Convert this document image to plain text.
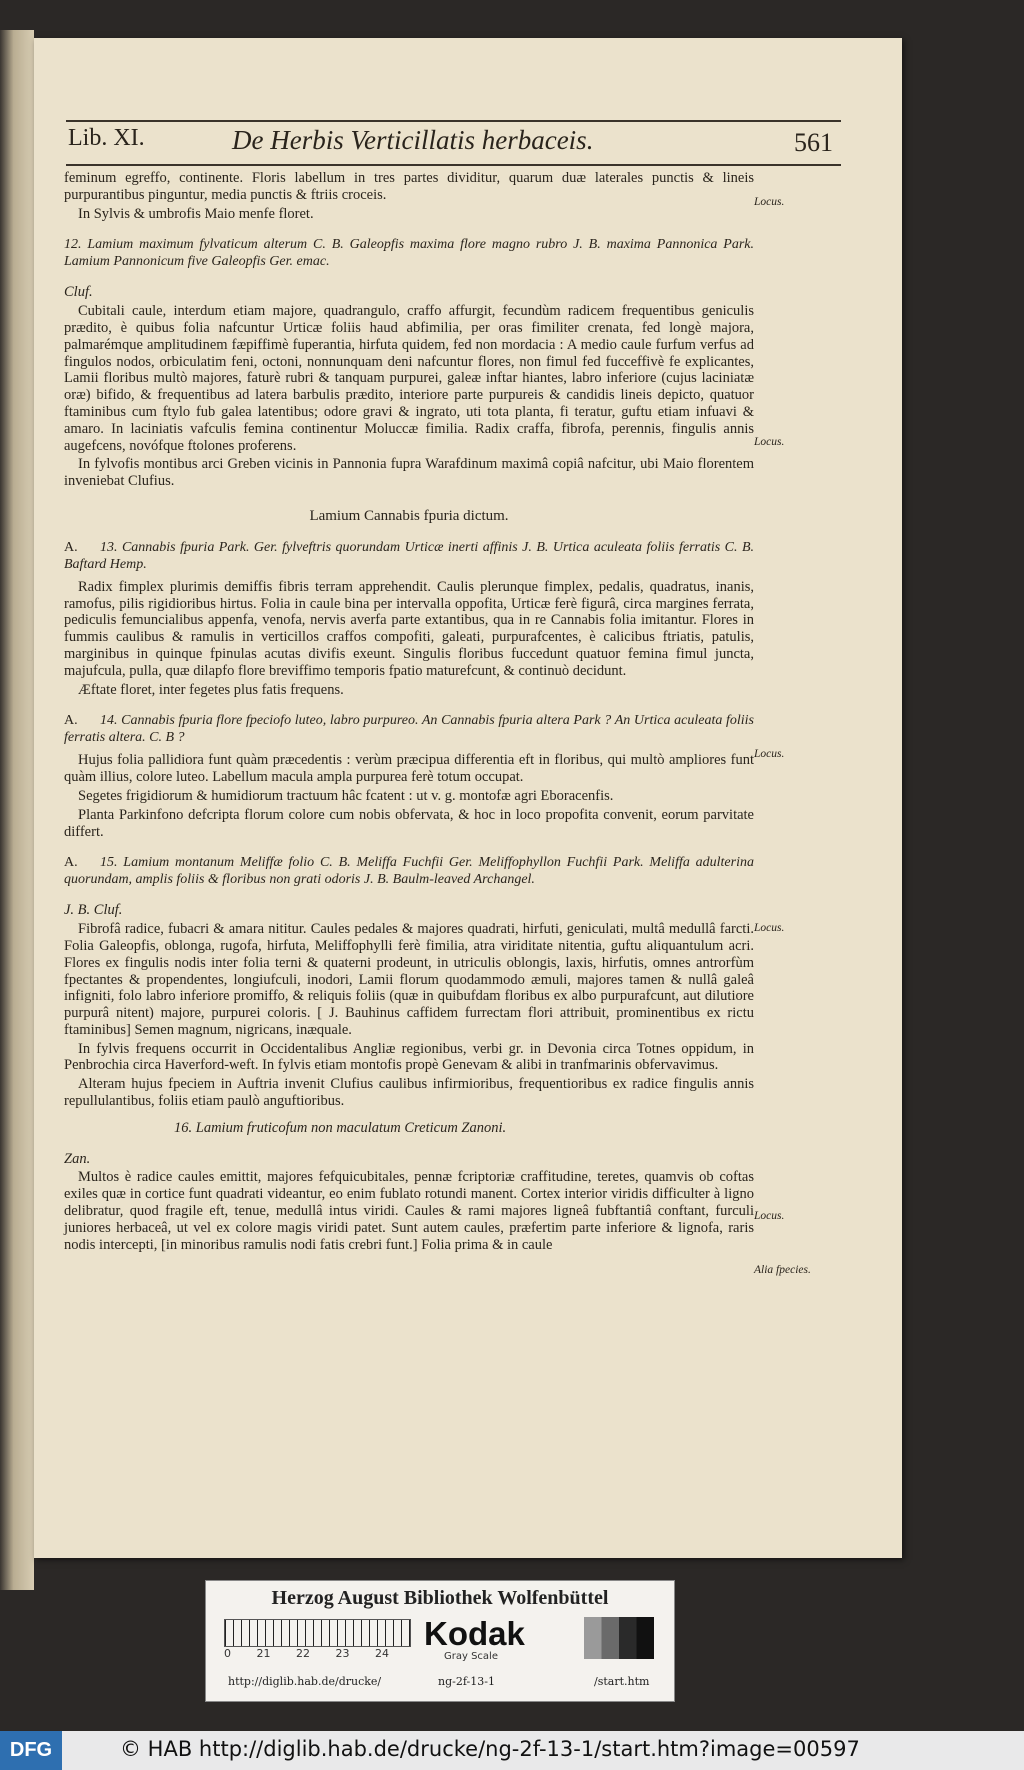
Lib. XI.	De Herbis Verticillatis herbaceis.	561

feminum egreffo, continente. Floris labellum in tres partes dividitur, quarum duæ laterales punctis & lineis purpurantibus pinguntur, media punctis & ftriis croceis.

In Sylvis & umbrofis Maio menfe floret.

12. Lamium maximum fylvaticum alterum C. B. Galeopfis maxima flore magno rubro J. B. maxima Pannonica Park. Lamium Pannonicum five Galeopfis Ger. emac.

Cluf.

Cubitali caule, interdum etiam majore, quadrangulo, craffo affurgit, fecundùm radicem frequentibus geniculis prædito, è quibus folia nafcuntur Urticæ foliis haud abfimilia, per oras fimiliter crenata, fed longè majora, palmarémque amplitudinem fæpiffimè fuperantia, hirfuta quidem, fed non mordacia : A medio caule furfum verfus ad fingulos nodos, orbiculatim feni, octoni, nonnunquam deni nafcuntur flores, non fimul fed fucceffivè fe explicantes, Lamii floribus multò majores, faturè rubri & tanquam purpurei, galeæ inftar hiantes, labro inferiore (cujus laciniatæ oræ) bifido, & frequentibus ad latera barbulis prædito, interiore parte purpureis & candidis lineis depicto, quatuor ftaminibus cum ftylo fub galea latentibus; odore gravi & ingrato, uti tota planta, fi teratur, guftu etiam infuavi & amaro. In laciniatis vafculis femina continentur Moluccæ fimilia. Radix craffa, fibrofa, perennis, fingulis annis augefcens, novófque ftolones proferens.

In fylvofis montibus arci Greben vicinis in Pannonia fupra Warafdinum maximâ copiâ nafcitur, ubi Maio florentem inveniebat Clufius.

Lamium Cannabis fpuria dictum.

A. 13. Cannabis fpuria Park. Ger. fylveftris quorundam Urticæ inerti affinis J. B. Urtica aculeata foliis ferratis C. B. Baftard Hemp.

Radix fimplex plurimis demiffis fibris terram apprehendit. Caulis plerunque fimplex, pedalis, quadratus, inanis, ramofus, pilis rigidioribus hirtus. Folia in caule bina per intervalla oppofita, Urticæ ferè figurâ, circa margines ferrata, pediculis femuncialibus appenfa, venofa, nervis averfa parte extantibus, qua in re Cannabis folia imitantur. Flores in fummis caulibus & ramulis in verticillos craffos compofiti, galeati, purpurafcentes, è calicibus ftriatis, patulis, marginibus in quinque fpinulas acutas divifis exeunt. Singulis floribus fuccedunt quatuor femina fimul juncta, majufcula, pulla, quæ dilapfo flore breviffimo temporis fpatio maturefcunt, & continuò decidunt.

Æftate floret, inter fegetes plus fatis frequens.

A. 14. Cannabis fpuria flore fpeciofo luteo, labro purpureo. An Cannabis fpuria altera Park ? An Urtica aculeata foliis ferratis altera. C. B ?

Hujus folia pallidiora funt quàm præcedentis : verùm præcipua differentia eft in floribus, qui multò ampliores funt quàm illius, colore luteo. Labellum macula ampla purpurea ferè totum occupat.

Segetes frigidiorum & humidiorum tractuum hâc fcatent : ut v. g. montofæ agri Eboracenfis.

Planta Parkinfono defcripta florum colore cum nobis obfervata, & hoc in loco propofita convenit, eorum parvitate differt.

A. 15. Lamium montanum Meliffæ folio C. B. Meliffa Fuchfii Ger. Meliffophyllon Fuchfii Park. Meliffa adulterina quorundam, amplis foliis & floribus non grati odoris J. B. Baulm-leaved Archangel.

J. B. Cluf.

Fibrofâ radice, fubacri & amara nititur. Caules pedales & majores quadrati, hirfuti, geniculati, multâ medullâ farcti. Folia Galeopfis, oblonga, rugofa, hirfuta, Meliffophylli ferè fimilia, atra viriditate nitentia, guftu aliquantulum acri. Flores ex fingulis nodis inter folia terni & quaterni prodeunt, in utriculis oblongis, laxis, hirfutis, omnes antrorfùm fpectantes & propendentes, longiufculi, inodori, Lamii florum quodammodo æmuli, majores tamen & nullâ galeâ infigniti, folo labro inferiore promiffo, & reliquis foliis (quæ in quibufdam floribus ex albo purpurafcunt, aut dilutiore purpurâ nitent) majore, purpurei coloris. [ J. Bauhinus caffidem furrectam flori attribuit, prominentibus ex rictu ftaminibus] Semen magnum, nigricans, inæquale.

In fylvis frequens occurrit in Occidentalibus Angliæ regionibus, verbi gr. in Devonia circa Totnes oppidum, in Penbrochia circa Haverford-weft. In fylvis etiam montofis propè Genevam & alibi in tranfmarinis obfervavimus.

Alteram hujus fpeciem in Auftria invenit Clufius caulibus infirmioribus, frequentioribus ex radice fingulis annis repullulantibus, foliis etiam paulò anguftioribus.

16. Lamium fruticofum non maculatum Creticum Zanoni.

Zan.

Multos è radice caules emittit, majores fefquicubitales, pennæ fcriptoriæ craffitudine, teretes, quamvis ob coftas exiles quæ in cortice funt quadrati videantur, eo enim fublato rotundi manent. Cortex interior viridis difficulter à ligno delibratur, quod fragile eft, tenue, medullâ intus viridi. Caules & rami majores ligneâ fubftantiâ conftant, furculi juniores herbaceâ, ut vel ex colore magis viridi patet. Sunt autem caules, præfertim parte inferiore & lignofa, raris nodis intercepti, [in minoribus ramulis nodi fatis crebri funt.] Folia prima & in caule

Locus.
Locus.
Locus.
Locus.
Locus.
Alia fpecies.
Herzog August Bibliothek Wolfenbüttel
0 21 22 23 24
Kodak
Gray Scale
http://diglib.hab.de/drucke/	ng-2f-13-1	/start.htm
DFG	© HAB http://diglib.hab.de/drucke/ng-2f-13-1/start.htm?image=00597
